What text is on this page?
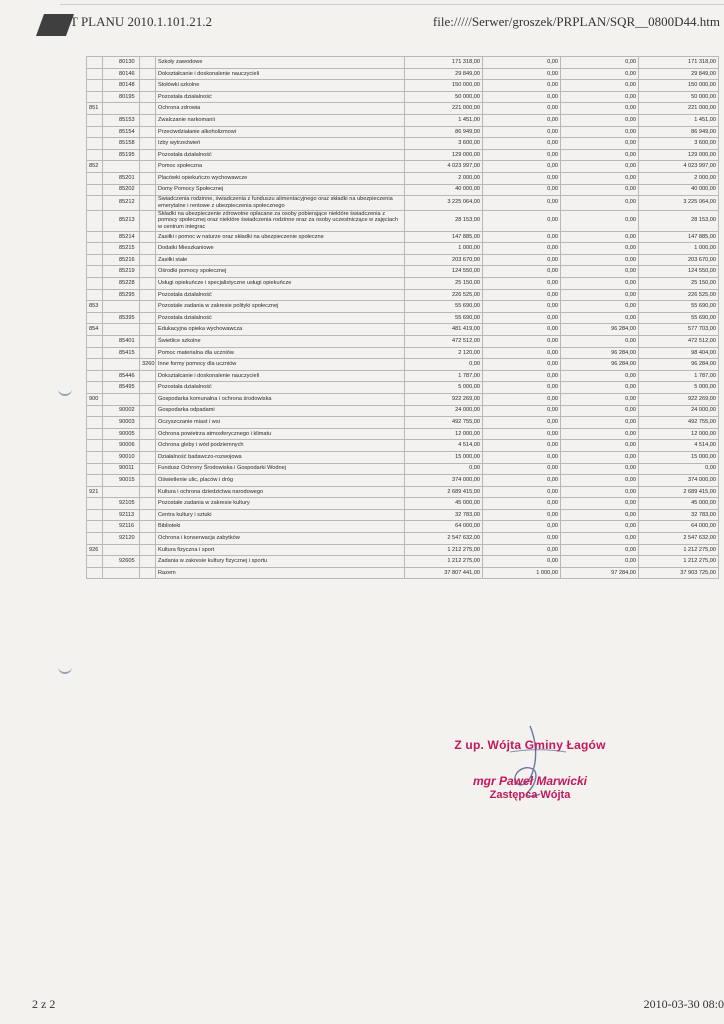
T PLANU 2010.1.101.21.2	file://///Serwer/groszek/PRPLAN/SQR__0800D44.htm
	80130		Szkoły zawodowe	171 318,00	0,00	0,00	171 318,00
	80146		Dokształcanie i doskonalenie nauczycieli	29 849,00	0,00	0,00	29 849,00
	80148		Stołówki szkolne	150 000,00	0,00	0,00	150 000,00
	80195		Pozostała działalność	50 000,00	0,00	0,00	50 000,00
851			Ochrona zdrowia	221 000,00	0,00	0,00	221 000,00
	85153		Zwalczanie narkomanii	1 451,00	0,00	0,00	1 451,00
	85154		Przeciwdziałanie alkoholizmowi	86 949,00	0,00	0,00	86 949,00
	85158		Izby wytrzeźwień	3 600,00	0,00	0,00	3 600,00
	85195		Pozostała działalność	129 000,00	0,00	0,00	129 000,00
852			Pomoc społeczna	4 023 997,00	0,00	0,00	4 023 997,00
	85201		Placówki opiekuńczo wychowawcze	2 000,00	0,00	0,00	2 000,00
	85202		Domy Pomocy Społecznej	40 000,00	0,00	0,00	40 000,00
	85212		Świadczenia rodzinne, świadczenia z funduszu alimentacyjnego oraz składki na ubezpieczenia emerytalne i rentowe z ubezpieczenia społecznego	3 225 064,00	0,00	0,00	3 225 064,00
	85213		Składki na ubezpieczenie zdrowotne opłacane za osoby pobierające niektóre świadczenia z pomocy społecznej oraz niektóre świadczenia rodzinne oraz za osoby uczestniczące w zajęciach w centrum integrac	28 153,00	0,00	0,00	28 153,00
	85214		Zasiłki i pomoc w naturze oraz składki na ubezpieczenie społeczne	147 885,00	0,00	0,00	147 885,00
	85215		Dodatki Mieszkaniowe	1 000,00	0,00	0,00	1 000,00
	85216		Zasiłki stałe	203 670,00	0,00	0,00	203 670,00
	85219		Ośrodki pomocy społecznej	124 550,00	0,00	0,00	124 550,00
	85228		Usługi opiekuńcze i specjalistyczne usługi opiekuńcze	25 150,00	0,00	0,00	25 150,00
	85295		Pozostała działalność	226 525,00	0,00	0,00	226 525,00
853			Pozostałe zadania w zakresie polityki społecznej	55 690,00	0,00	0,00	55 690,00
	85395		Pozostała działalność	55 690,00	0,00	0,00	55 690,00
854			Edukacyjna opieka wychowawcza	481 419,00	0,00	96 284,00	577 703,00
	85401		Świetlice szkolne	472 512,00	0,00	0,00	472 512,00
	85415		Pomoc materialna dla uczniów	2 120,00	0,00	96 284,00	98 404,00
		3260	Inne formy pomocy dla uczniów	0,00	0,00	96 284,00	96 284,00
	85446		Dokształcanie i doskonalenie nauczycieli	1 787,00	0,00	0,00	1 787,00
	85495		Pozostała działalność	5 000,00	0,00	0,00	5 000,00
900			Gospodarka komunalna i ochrona środowiska	922 269,00	0,00	0,00	922 269,00
	90002		Gospodarka odpadami	24 000,00	0,00	0,00	24 000,00
	90003		Oczyszczanie miast i wsi	492 755,00	0,00	0,00	492 755,00
	90005		Ochrona powietrza atmosferycznego i klimatu	12 000,00	0,00	0,00	12 000,00
	90006		Ochrona gleby i wód podziemnych	4 514,00	0,00	0,00	4 514,00
	90010		Działalność badawczo-rozwojowa	15 000,00	0,00	0,00	15 000,00
	90011		Fundusz Ochrony Środowiska i Gospodarki Wodnej	0,00	0,00	0,00	0,00
	90015		Oświetlenie ulic, placów i dróg	374 000,00	0,00	0,00	374 000,00
921			Kultura i ochrona dziedzictwa narodowego	2 689 415,00	0,00	0,00	2 689 415,00
	92105		Pozostałe zadania w zakresie kultury	45 000,00	0,00	0,00	45 000,00
	92113		Centra kultury i sztuki	32 783,00	0,00	0,00	32 783,00
	92116		Biblioteki	64 000,00	0,00	0,00	64 000,00
	92120		Ochrona i konserwacja zabytków	2 547 632,00	0,00	0,00	2 547 632,00
926			Kultura fizyczna i sport	1 212 275,00	0,00	0,00	1 212 275,00
	92605		Zadania w zakresie kultury fizycznej i sportu	1 212 275,00	0,00	0,00	1 212 275,00
			Razem	37 807 441,00	1 000,00	97 284,00	37 903 725,00
Z up. Wójta Gminy Łagów
mgr Paweł Marwicki
Zastępca Wójta
2 z 2	2010-03-30 08:0
